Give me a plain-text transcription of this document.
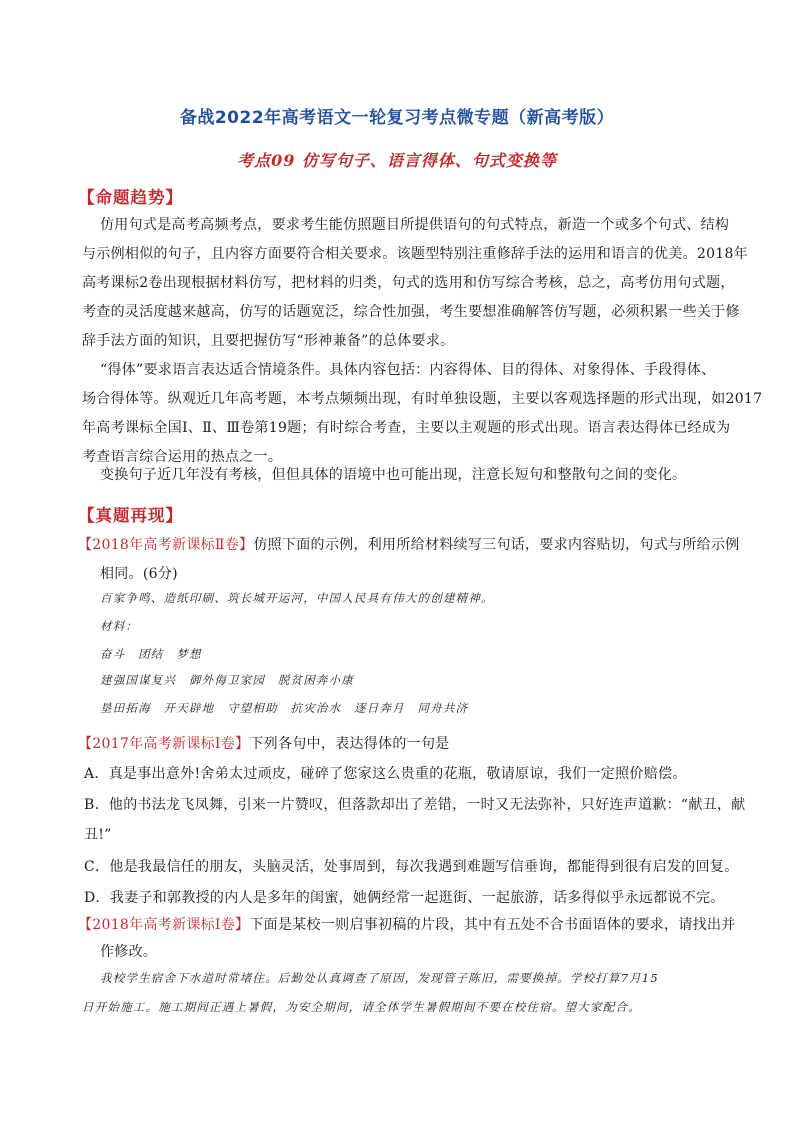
备战2022年高考语文一轮复习考点微专题（新高考版）
考点09 仿写句子、语言得体、句式变换等
【命题趋势】
仿用句式是高考高频考点，要求考生能仿照题目所提供语句的句式特点，新造一个或多个句式、结构
与示例相似的句子，且内容方面要符合相关要求。该题型特别注重修辞手法的运用和语言的优美。2018年
高考课标2卷出现根据材料仿写，把材料的归类，句式的选用和仿写综合考核，总之，高考仿用句式题，
考查的灵活度越来越高，仿写的话题宽泛，综合性加强，考生要想准确解答仿写题，必须积累一些关于修
辞手法方面的知识，且要把握仿写“形神兼备”的总体要求。
“得体”要求语言表达适合情境条件。具体内容包括：内容得体、目的得体、对象得体、手段得体、
场合得体等。纵观近几年高考题，本考点频频出现，有时单独设题，主要以客观选择题的形式出现，如2017
年高考课标全国Ⅰ、Ⅱ、Ⅲ卷第19题；有时综合考查，主要以主观题的形式出现。语言表达得体已经成为
考查语言综合运用的热点之一。
变换句子近几年没有考核，但但具体的语境中也可能出现，注意长短句和整散句之间的变化。
【真题再现】
【2018年高考新课标Ⅱ卷】仿照下面的示例，利用所给材料续写三句话，要求内容贴切，句式与所给示例
相同。(6分)
百家争鸣、造纸印刷、筑长城开运河，中国人民具有伟大的创建精神。
材料：
奋斗　团结　梦想
建强国谋复兴　御外侮卫家园　脱贫困奔小康
垦田拓海　开天辟地　守望相助　抗灾治水　逐日奔月　同舟共济
【2017年高考新课标Ⅰ卷】下列各句中，表达得体的一句是
A．真是事出意外!舍弟太过顽皮，碰碎了您家这么贵重的花瓶，敬请原谅，我们一定照价赔偿。
B．他的书法龙飞凤舞，引来一片赞叹，但落款却出了差错，一时又无法弥补，只好连声道歉：“献丑，献
丑!”
C．他是我最信任的朋友，头脑灵活，处事周到，每次我遇到难题写信垂询，都能得到很有启发的回复。
D．我妻子和郭教授的内人是多年的闺蜜，她俩经常一起逛街、一起旅游，话多得似乎永远都说不完。
【2018年高考新课标Ⅰ卷】下面是某校一则启事初稿的片段，其中有五处不合书面语体的要求，请找出并
作修改。
我校学生宿舍下水道时常堵住。后勤处认真调查了原因，发现管子陈旧，需要换掉。学校打算7月15
日开始施工。施工期间正遇上暑假，为安全期间，请全体学生暑假期间不要在校住宿。望大家配合。
